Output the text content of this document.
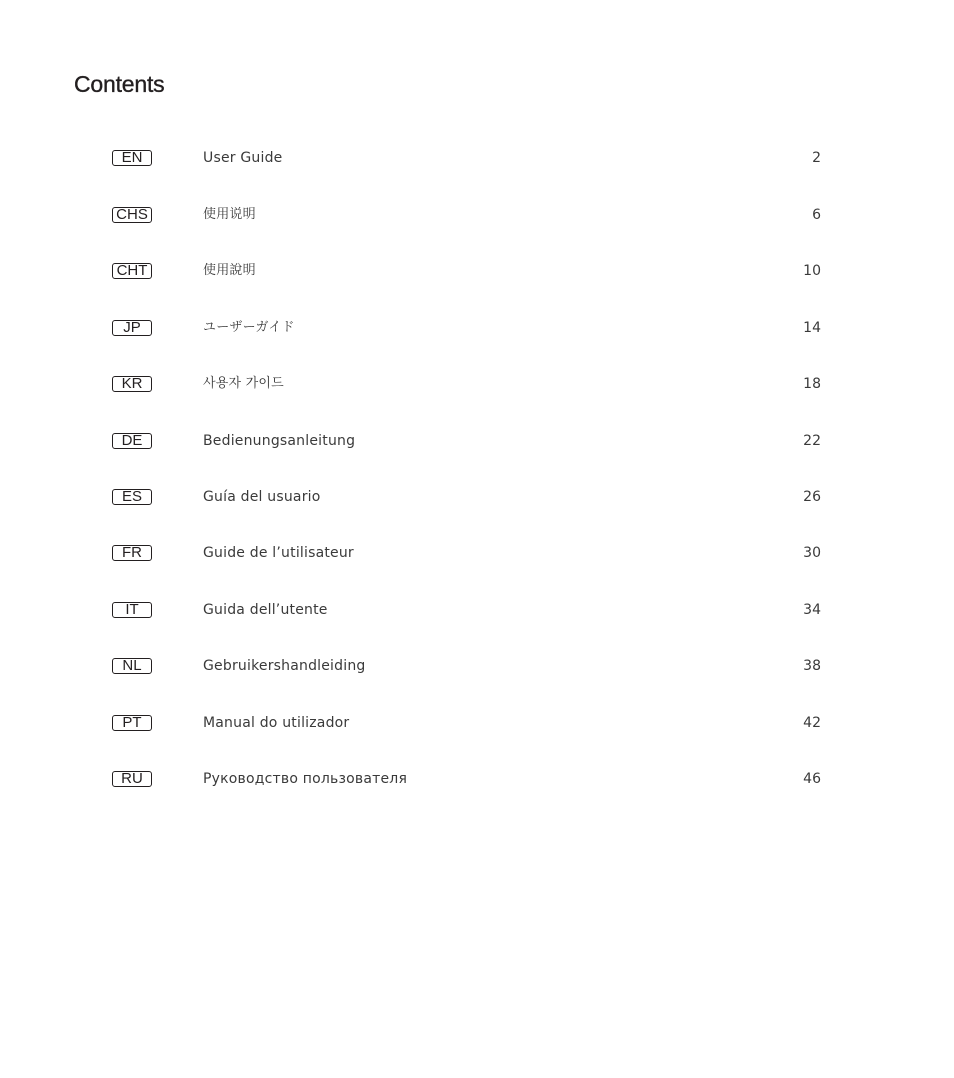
Contents
EN	User Guide	2
CHS	使用说明	6
CHT	使用說明	10
JP	ユーザーガイド	14
KR	사용자 가이드	18
DE	Bedienungsanleitung	22
ES	Guía del usuario	26
FR	Guide de l’utilisateur	30
IT	Guida dell’utente	34
NL	Gebruikershandleiding	38
PT	Manual do utilizador	42
RU	Руководство пользователя	46
